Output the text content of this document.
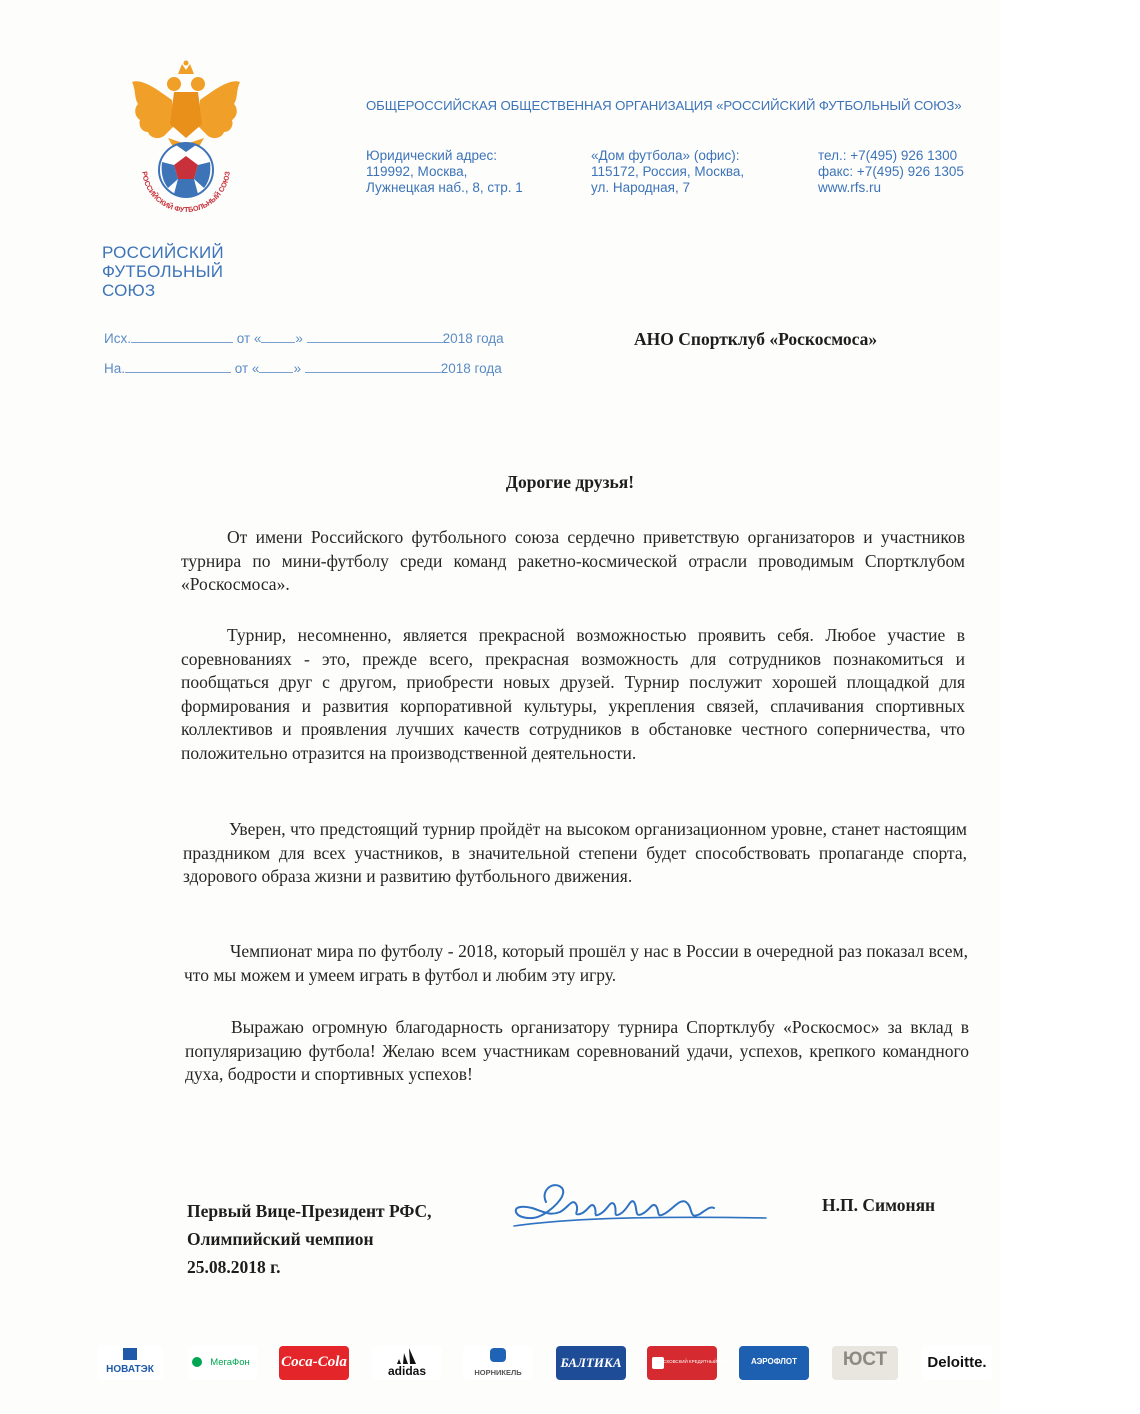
РОССИЙСКИЙ ФУТБОЛЬНЫЙ СОЮЗ
РОССИЙСКИЙ
ФУТБОЛЬНЫЙ
СОЮЗ
ОБЩЕРОССИЙСКАЯ ОБЩЕСТВЕННАЯ ОРГАНИЗАЦИЯ «РОССИЙСКИЙ ФУТБОЛЬНЫЙ СОЮЗ»
Юридический адрес:
119992, Москва,
Лужнецкая наб., 8, стр. 1
«Дом футбола» (офис):
115172, Россия, Москва,
ул. Народная, 7
тел.: +7(495) 926 1300
факс: +7(495) 926 1305
www.rfs.ru
Исх.	от «	»	2018 года
На.	от «	»	2018 года
АНО Спортклуб «Роскосмоса»
Дорогие друзья!
От имени Российского футбольного союза сердечно приветствую организаторов и участников турнира по мини-футболу среди команд ракетно-космической отрасли проводимым Спортклубом «Роскосмоса».
Турнир, несомненно, является прекрасной возможностью проявить себя. Любое участие в соревнованиях - это, прежде всего, прекрасная возможность для сотрудников познакомиться и пообщаться друг с другом, приобрести новых друзей. Турнир послужит хорошей площадкой для формирования и развития корпоративной культуры, укрепления связей, сплачивания спортивных коллективов и проявления лучших качеств сотрудников в обстановке честного соперничества, что положительно отразится на производственной деятельности.
Уверен, что предстоящий турнир пройдёт на высоком организационном уровне, станет настоящим праздником для всех участников, в значительной степени будет способствовать пропаганде спорта, здорового образа жизни и развитию футбольного движения.
Чемпионат мира по футболу - 2018, который прошёл у нас в России в очередной раз показал всем, что мы можем и умеем играть в футбол и любим эту игру.
Выражаю огромную благодарность организатору турнира Спортклубу «Роскосмос» за вклад в популяризацию футбола! Желаю всем участникам соревнований удачи, успехов, крепкого командного духа, бодрости и спортивных успехов!
Первый Вице-Президент РФС,
Олимпийский чемпион
25.08.2018 г.
Н.П. Симонян
НОВАТЭК
МегаФон	Coca-Cola
adidas	НОРНИКЕЛЬ
БАЛТИКА	МОСКОВСКИЙ КРЕДИТНЫЙ БАНК	АЭРОФЛОТ	ЮСТ	Deloitte.
